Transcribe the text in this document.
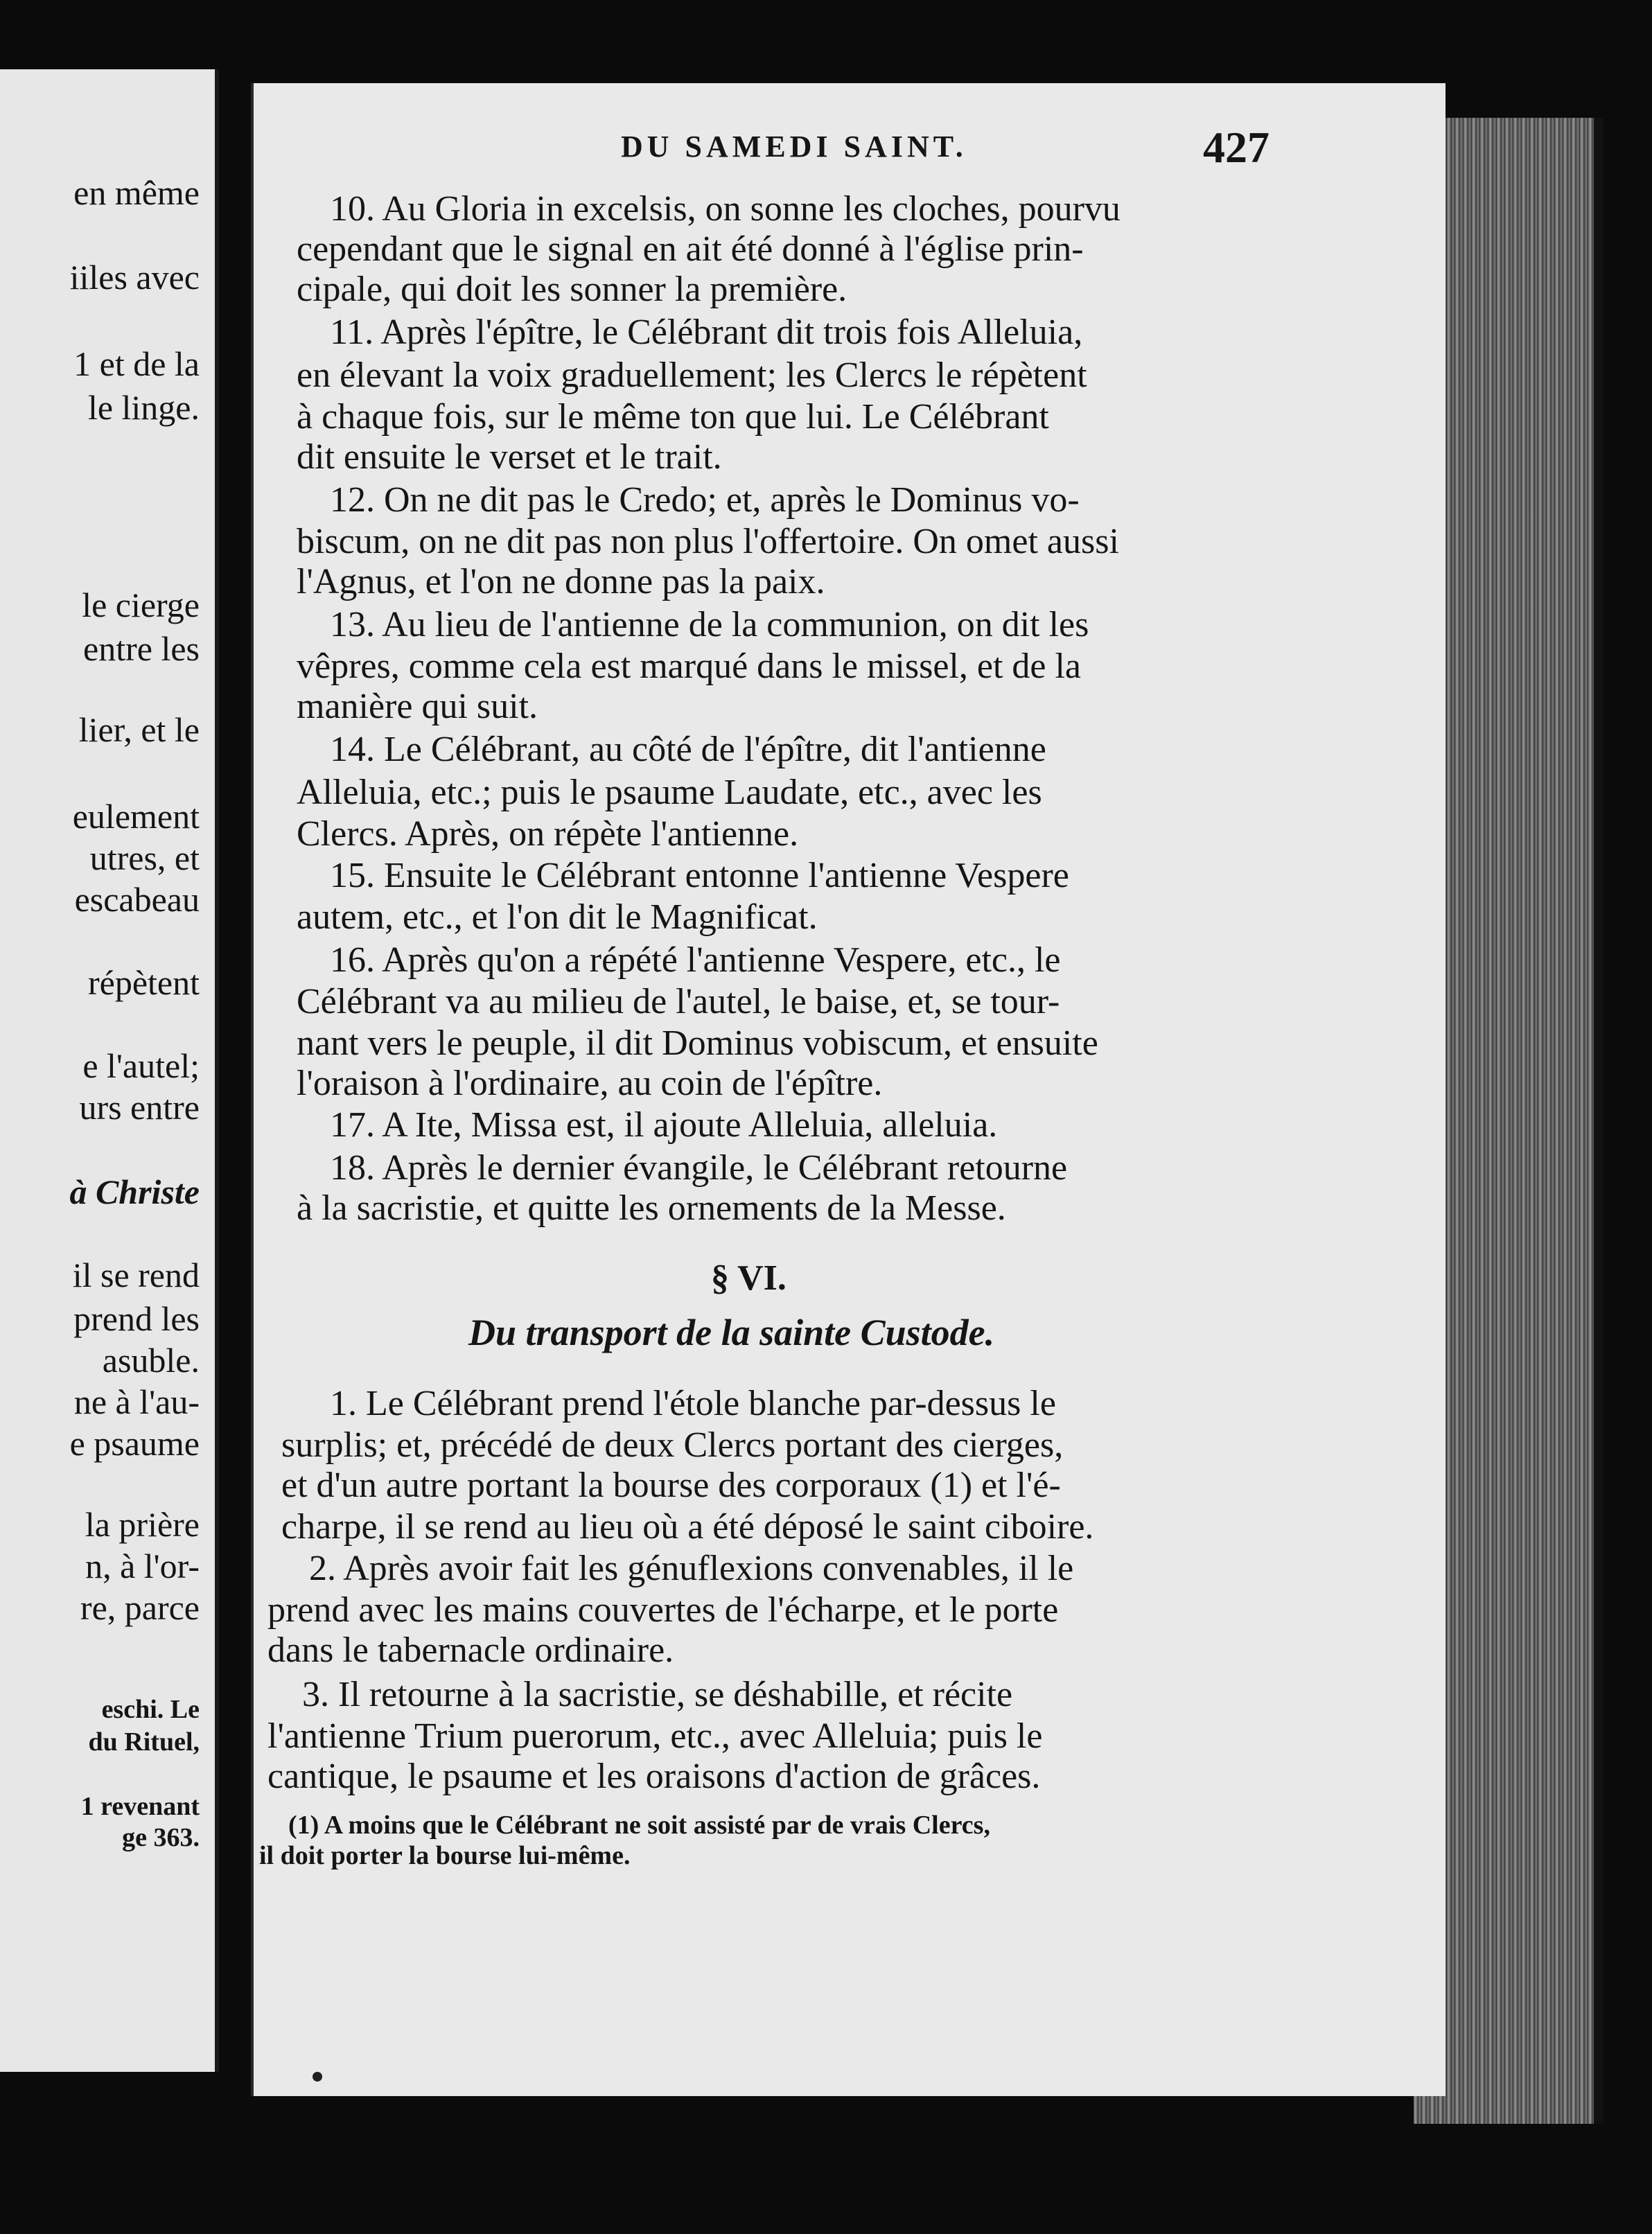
en même
iiles avec
1 et de la
le linge.
le cierge
entre les
lier, et le
eulement
utres, et
escabeau
répètent
e l'autel;
urs entre
à Christe
il se rend
prend les
asuble.
ne à l'au-
e psaume
la prière
n, à l'or-
re, parce
eschi. Le
du Rituel,
1 revenant
ge 363.
DU SAMEDI SAINT.	427
10. Au Gloria in excelsis, on sonne les cloches, pourvu
cependant que le signal en ait été donné à l'église prin-
cipale, qui doit les sonner la première.
11. Après l'épître, le Célébrant dit trois fois Alleluia,
en élevant la voix graduellement; les Clercs le répètent
à chaque fois, sur le même ton que lui. Le Célébrant
dit ensuite le verset et le trait.
12. On ne dit pas le Credo; et, après le Dominus vo-
biscum, on ne dit pas non plus l'offertoire. On omet aussi
l'Agnus, et l'on ne donne pas la paix.
13. Au lieu de l'antienne de la communion, on dit les
vêpres, comme cela est marqué dans le missel, et de la
manière qui suit.
14. Le Célébrant, au côté de l'épître, dit l'antienne
Alleluia, etc.; puis le psaume Laudate, etc., avec les
Clercs. Après, on répète l'antienne.
15. Ensuite le Célébrant entonne l'antienne Vespere
autem, etc., et l'on dit le Magnificat.
16. Après qu'on a répété l'antienne Vespere, etc., le
Célébrant va au milieu de l'autel, le baise, et, se tour-
nant vers le peuple, il dit Dominus vobiscum, et ensuite
l'oraison à l'ordinaire, au coin de l'épître.
17. A Ite, Missa est, il ajoute Alleluia, alleluia.
18. Après le dernier évangile, le Célébrant retourne
à la sacristie, et quitte les ornements de la Messe.
§ VI.
Du transport de la sainte Custode.
1. Le Célébrant prend l'étole blanche par-dessus le
surplis; et, précédé de deux Clercs portant des cierges,
et d'un autre portant la bourse des corporaux (1) et l'é-
charpe, il se rend au lieu où a été déposé le saint ciboire.
2. Après avoir fait les génuflexions convenables, il le
prend avec les mains couvertes de l'écharpe, et le porte
dans le tabernacle ordinaire.
3. Il retourne à la sacristie, se déshabille, et récite
l'antienne Trium puerorum, etc., avec Alleluia; puis le
cantique, le psaume et les oraisons d'action de grâces.
(1) A moins que le Célébrant ne soit assisté par de vrais Clercs,
il doit porter la bourse lui-même.
